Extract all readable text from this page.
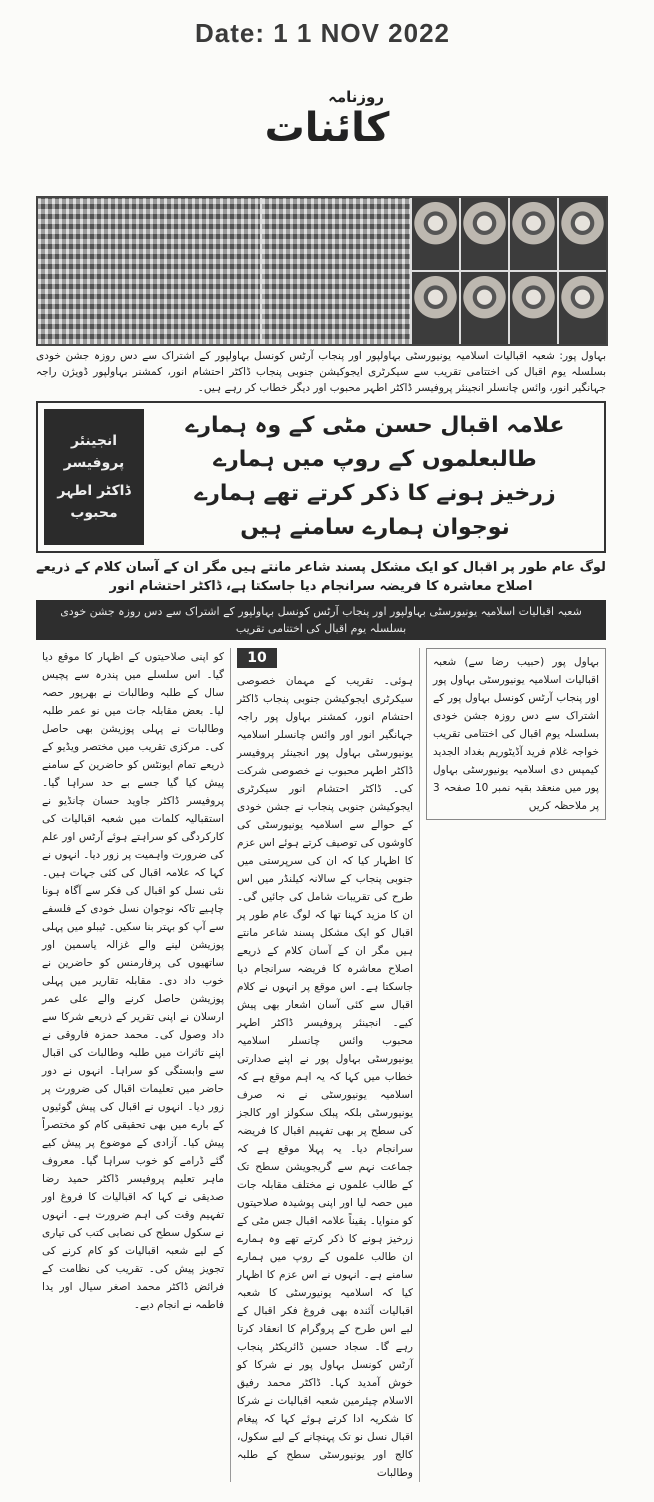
Date: 1 1 NOV 2022
روزنامہ
کائنات
بہاول پور: شعبہ اقبالیات اسلامیہ یونیورسٹی بہاولپور اور پنجاب آرٹس کونسل بہاولپور کے اشتراک سے دس روزہ جشن خودی بسلسلہ یوم اقبال کی اختتامی تقریب سے سیکرٹری ایجوکیشن جنوبی پنجاب ڈاکٹر احتشام انور، کمشنر بہاولپور ڈویژن راجہ جہانگیر انور، وائس چانسلر انجینئر پروفیسر ڈاکٹر اطہر محبوب اور دیگر خطاب کر رہے ہیں۔
انجینئر پروفیسر
ڈاکٹر اطہر محبوب
علامہ اقبال حسن مٹی کے وہ ہمارے طالبعلموں کے روپ میں ہمارے
زرخیز ہونے کا ذکر کرتے تھے ہمارے نوجوان ہمارے سامنے ہیں
لوگ عام طور پر اقبال کو ایک مشکل پسند شاعر مانتے ہیں مگر ان کے آسان کلام کے ذریعے اصلاح معاشرہ کا فریضہ سرانجام دیا جاسکتا ہے، ڈاکٹر احتشام انور
شعبہ اقبالیات اسلامیہ یونیورسٹی بہاولپور اور پنجاب آرٹس کونسل بہاولپور کے اشتراک سے دس روزہ جشن خودی بسلسلہ یوم اقبال کی اختتامی تقریب

کو اپنی صلاحیتوں کے اظہار کا موقع دیا گیا۔ اس سلسلے میں پندرہ سے پچیس سال کے طلبہ وطالبات نے بھرپور حصہ لیا۔ بعض مقابلہ جات میں نو عمر طلبہ وطالبات نے پہلی پوزیشن بھی حاصل کی۔ مرکزی تقریب میں مختصر ویڈیو کے ذریعے تمام ایونٹس کو حاضرین کے سامنے پیش کیا گیا جسے بے حد سراہا گیا۔ پروفیسر ڈاکٹر جاوید حسان چانڈیو نے استقبالیہ کلمات میں شعبہ اقبالیات کی کارکردگی کو سراہتے ہوئے آرٹس اور علم کی ضرورت واہمیت پر زور دیا۔ انہوں نے کہا کہ علامہ اقبال کی کئی جہات ہیں۔ نئی نسل کو اقبال کی فکر سے آگاہ ہونا چاہیے تاکہ نوجوان نسل خودی کے فلسفے سے آپ کو بہتر بنا سکیں۔ ٹیبلو میں پہلی پوزیشن لینے والے غزالہ یاسمین اور ساتھیوں کی پرفارمنس کو حاضرین نے خوب داد دی۔ مقابلہ تقاریر میں پہلی پوزیشن حاصل کرنے والے علی عمر ارسلان نے اپنی تقریر کے ذریعے شرکا سے داد وصول کی۔ محمد حمزہ فاروقی نے اپنے تاثرات میں طلبہ وطالبات کی اقبال سے وابستگی کو سراہا۔ انہوں نے دور حاضر میں تعلیمات اقبال کی ضرورت پر زور دیا۔ انہوں نے اقبال کی پیش گوئیوں کے بارے میں بھی تحقیقی کام کو مختصراً پیش کیا۔ آزادی کے موضوع پر پیش کیے گئے ڈرامے کو خوب سراہا گیا۔ معروف ماہر تعلیم پروفیسر ڈاکٹر حمید رضا صدیقی نے کہا کہ اقبالیات کا فروغ اور تفہیم وقت کی اہم ضرورت ہے۔ انہوں نے سکول سطح کی نصابی کتب کی تیاری کے لیے شعبہ اقبالیات کو کام کرنے کی تجویز پیش کی۔ تقریب کی نظامت کے فرائض ڈاکٹر محمد اصغر سیال اور یدا فاطمہ نے انجام دیے۔

10

ہوئی۔ تقریب کے مہمان خصوصی سیکرٹری ایجوکیشن جنوبی پنجاب ڈاکٹر احتشام انور، کمشنر بہاول پور راجہ جہانگیر انور اور وائس چانسلر اسلامیہ یونیورسٹی بہاول پور انجینئر پروفیسر ڈاکٹر اطہر محبوب نے خصوصی شرکت کی۔ ڈاکٹر احتشام انور سیکرٹری ایجوکیشن جنوبی پنجاب نے جشن خودی کے حوالے سے اسلامیہ یونیورسٹی کی کاوشوں کی توصیف کرتے ہوئے اس عزم کا اظہار کیا کہ ان کی سرپرستی میں جنوبی پنجاب کے سالانہ کیلنڈر میں اس طرح کی تقریبات شامل کی جائیں گی۔ ان کا مزید کہنا تھا کہ لوگ عام طور پر اقبال کو ایک مشکل پسند شاعر مانتے ہیں مگر ان کے آسان کلام کے ذریعے اصلاح معاشرہ کا فریضہ سرانجام دیا جاسکتا ہے۔ اس موقع پر انہوں نے کلام اقبال سے کئی آسان اشعار بھی پیش کیے۔ انجینئر پروفیسر ڈاکٹر اطہر محبوب وائس چانسلر اسلامیہ یونیورسٹی بہاول پور نے اپنے صدارتی خطاب میں کہا کہ یہ اہم موقع ہے کہ اسلامیہ یونیورسٹی نے نہ صرف یونیورسٹی بلکہ پبلک سکولز اور کالجز کی سطح پر بھی تفہیم اقبال کا فریضہ سرانجام دیا۔ یہ پہلا موقع ہے کہ جماعت نہم سے گریجویشن سطح تک کے طالب علموں نے مختلف مقابلہ جات میں حصہ لیا اور اپنی پوشیدہ صلاحیتوں کو منوایا۔ یقیناً علامہ اقبال جس مٹی کے زرخیز ہونے کا ذکر کرتے تھے وہ ہمارے ان طالب علموں کے روپ میں ہمارے سامنے ہے۔ انہوں نے اس عزم کا اظہار کیا کہ اسلامیہ یونیورسٹی کا شعبہ اقبالیات آئندہ بھی فروغ فکر اقبال کے لیے اس طرح کے پروگرام کا انعقاد کرتا رہے گا۔ سجاد حسین ڈائریکٹر پنجاب آرٹس کونسل بہاول پور نے شرکا کو خوش آمدید کہا۔ ڈاکٹر محمد رفیق الاسلام چیئرمین شعبہ اقبالیات نے شرکا کا شکریہ ادا کرتے ہوئے کہا کہ پیغام اقبال نسل نو تک پہنچانے کے لیے سکول، کالج اور یونیورسٹی سطح کے طلبہ وطالبات

بہاول پور (حبیب رضا سے) شعبہ اقبالیات اسلامیہ یونیورسٹی بہاول پور اور پنجاب آرٹس کونسل بہاول پور کے اشتراک سے دس روزہ جشن خودی بسلسلہ یوم اقبال کی اختتامی تقریب خواجہ غلام فرید آڈیٹوریم بغداد الجدید کیمپس دی اسلامیہ یونیورسٹی بہاول پور میں منعقد بقیہ نمبر 10 صفحہ 3 پر ملاحظہ کریں
